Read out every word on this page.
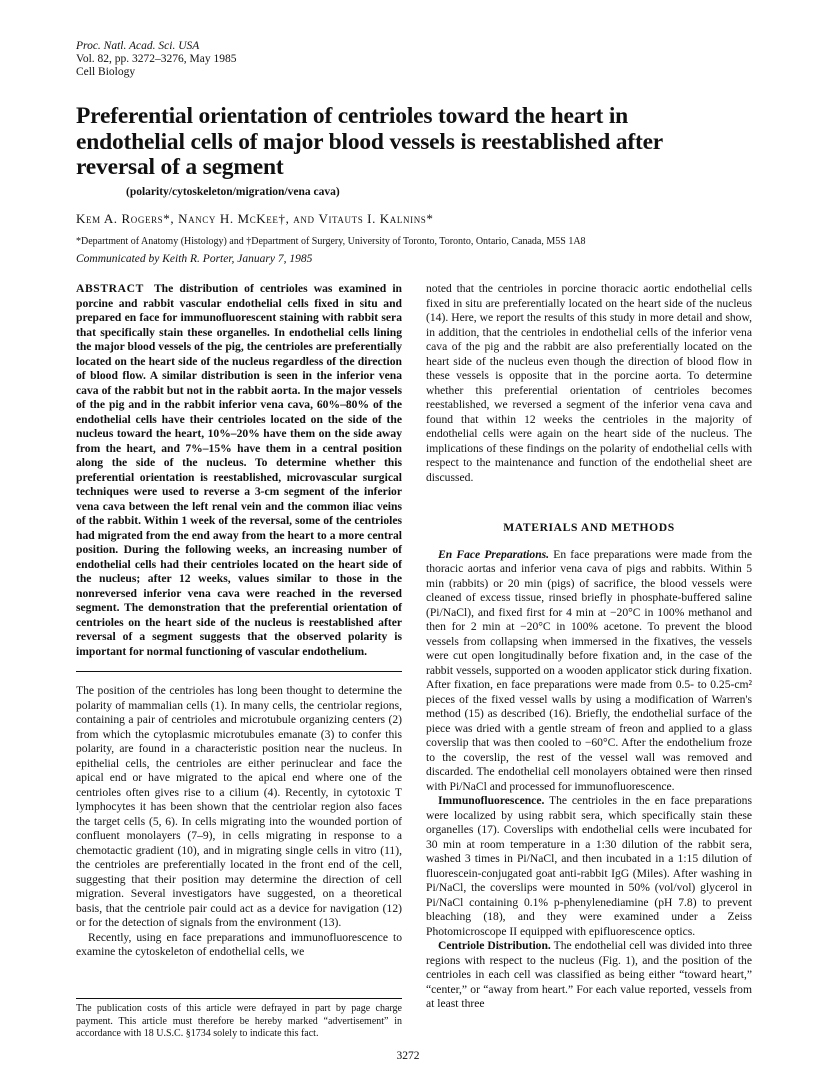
Proc. Natl. Acad. Sci. USA
Vol. 82, pp. 3272–3276, May 1985
Cell Biology
Preferential orientation of centrioles toward the heart in endothelial cells of major blood vessels is reestablished after reversal of a segment
(polarity/cytoskeleton/migration/vena cava)
Kem A. Rogers*, Nancy H. McKee†, and Vitauts I. Kalnins*
*Department of Anatomy (Histology) and †Department of Surgery, University of Toronto, Toronto, Ontario, Canada, M5S 1A8
Communicated by Keith R. Porter, January 7, 1985

ABSTRACT The distribution of centrioles was examined in porcine and rabbit vascular endothelial cells fixed in situ and prepared en face for immunofluorescent staining with rabbit sera that specifically stain these organelles. In endothelial cells lining the major blood vessels of the pig, the centrioles are preferentially located on the heart side of the nucleus regardless of the direction of blood flow. A similar distribution is seen in the inferior vena cava of the rabbit but not in the rabbit aorta. In the major vessels of the pig and in the rabbit inferior vena cava, 60%–80% of the endothelial cells have their centrioles located on the side of the nucleus toward the heart, 10%–20% have them on the side away from the heart, and 7%–15% have them in a central position along the side of the nucleus. To determine whether this preferential orientation is reestablished, microvascular surgical techniques were used to reverse a 3-cm segment of the inferior vena cava between the left renal vein and the common iliac veins of the rabbit. Within 1 week of the reversal, some of the centrioles had migrated from the end away from the heart to a more central position. During the following weeks, an increasing number of endothelial cells had their centrioles located on the heart side of the nucleus; after 12 weeks, values similar to those in the nonreversed inferior vena cava were reached in the reversed segment. The demonstration that the preferential orientation of centrioles on the heart side of the nucleus is reestablished after reversal of a segment suggests that the observed polarity is important for normal functioning of vascular endothelium.

The position of the centrioles has long been thought to determine the polarity of mammalian cells (1). In many cells, the centriolar regions, containing a pair of centrioles and microtubule organizing centers (2) from which the cytoplasmic microtubules emanate (3) to confer this polarity, are found in a characteristic position near the nucleus. In epithelial cells, the centrioles are either perinuclear and face the apical end or have migrated to the apical end where one of the centrioles often gives rise to a cilium (4). Recently, in cytotoxic T lymphocytes it has been shown that the centriolar region also faces the target cells (5, 6). In cells migrating into the wounded portion of confluent monolayers (7–9), in cells migrating in response to a chemotactic gradient (10), and in migrating single cells in vitro (11), the centrioles are preferentially located in the front end of the cell, suggesting that their position may determine the direction of cell migration. Several investigators have suggested, on a theoretical basis, that the centriole pair could act as a device for navigation (12) or for the detection of signals from the environment (13).

Recently, using en face preparations and immunofluorescence to examine the cytoskeleton of endothelial cells, we

noted that the centrioles in porcine thoracic aortic endothelial cells fixed in situ are preferentially located on the heart side of the nucleus (14). Here, we report the results of this study in more detail and show, in addition, that the centrioles in endothelial cells of the inferior vena cava of the pig and the rabbit are also preferentially located on the heart side of the nucleus even though the direction of blood flow in these vessels is opposite that in the porcine aorta. To determine whether this preferential orientation of centrioles becomes reestablished, we reversed a segment of the inferior vena cava and found that within 12 weeks the centrioles in the majority of endothelial cells were again on the heart side of the nucleus. The implications of these findings on the polarity of endothelial cells with respect to the maintenance and function of the endothelial sheet are discussed.

MATERIALS AND METHODS

En Face Preparations. En face preparations were made from the thoracic aortas and inferior vena cava of pigs and rabbits. Within 5 min (rabbits) or 20 min (pigs) of sacrifice, the blood vessels were cleaned of excess tissue, rinsed briefly in phosphate-buffered saline (Pi/NaCl), and fixed first for 4 min at −20°C in 100% methanol and then for 2 min at −20°C in 100% acetone. To prevent the blood vessels from collapsing when immersed in the fixatives, the vessels were cut open longitudinally before fixation and, in the case of the rabbit vessels, supported on a wooden applicator stick during fixation. After fixation, en face preparations were made from 0.5- to 0.25-cm² pieces of the fixed vessel walls by using a modification of Warren's method (15) as described (16). Briefly, the endothelial surface of the piece was dried with a gentle stream of freon and applied to a glass coverslip that was then cooled to −60°C. After the endothelium froze to the coverslip, the rest of the vessel wall was removed and discarded. The endothelial cell monolayers obtained were then rinsed with Pi/NaCl and processed for immunofluorescence.

Immunofluorescence. The centrioles in the en face preparations were localized by using rabbit sera, which specifically stain these organelles (17). Coverslips with endothelial cells were incubated for 30 min at room temperature in a 1:30 dilution of the rabbit sera, washed 3 times in Pi/NaCl, and then incubated in a 1:15 dilution of fluorescein-conjugated goat anti-rabbit IgG (Miles). After washing in Pi/NaCl, the coverslips were mounted in 50% (vol/vol) glycerol in Pi/NaCl containing 0.1% p-phenylenediamine (pH 7.8) to prevent bleaching (18), and they were examined under a Zeiss Photomicroscope II equipped with epifluorescence optics.

Centriole Distribution. The endothelial cell was divided into three regions with respect to the nucleus (Fig. 1), and the position of the centrioles in each cell was classified as being either “toward heart,” “center,” or “away from heart.” For each value reported, vessels from at least three

The publication costs of this article were defrayed in part by page charge payment. This article must therefore be hereby marked “advertisement” in accordance with 18 U.S.C. §1734 solely to indicate this fact.
3272
